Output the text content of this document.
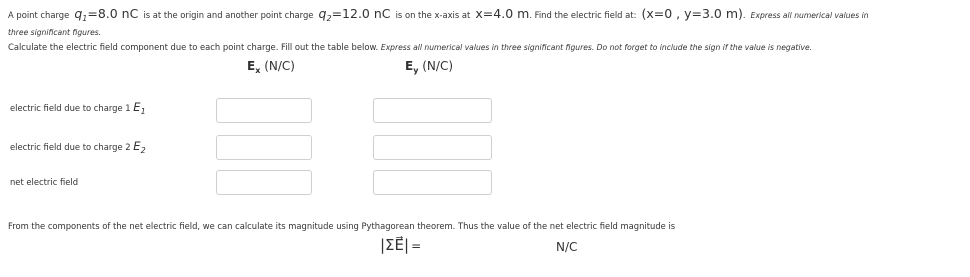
A point charge $q_1=8.0$ nC is at the origin and another point charge $q_2=12.0$ nC is on the x-axis at x=4.0 m. Find the electric field at: (x=0 , y=3.0 m). Express all numerical values in
three significant figures.
Calculate the electric field component due to each point charge. Fill out the table below. Express all numerical values in three significant figures. Do not forget to include the sign if the value is negative.
$E_x$ (N/C)	$E_y$ (N/C)
electric field due to charge 1 $E_1$
electric field due to charge 2 $E_2$
net electric field
From the components of the net electric field, we can calculate its magnitude using Pythagorean theorem. Thus the value of the net electric field magnitude is
|ΣE⃗| =	N/C
